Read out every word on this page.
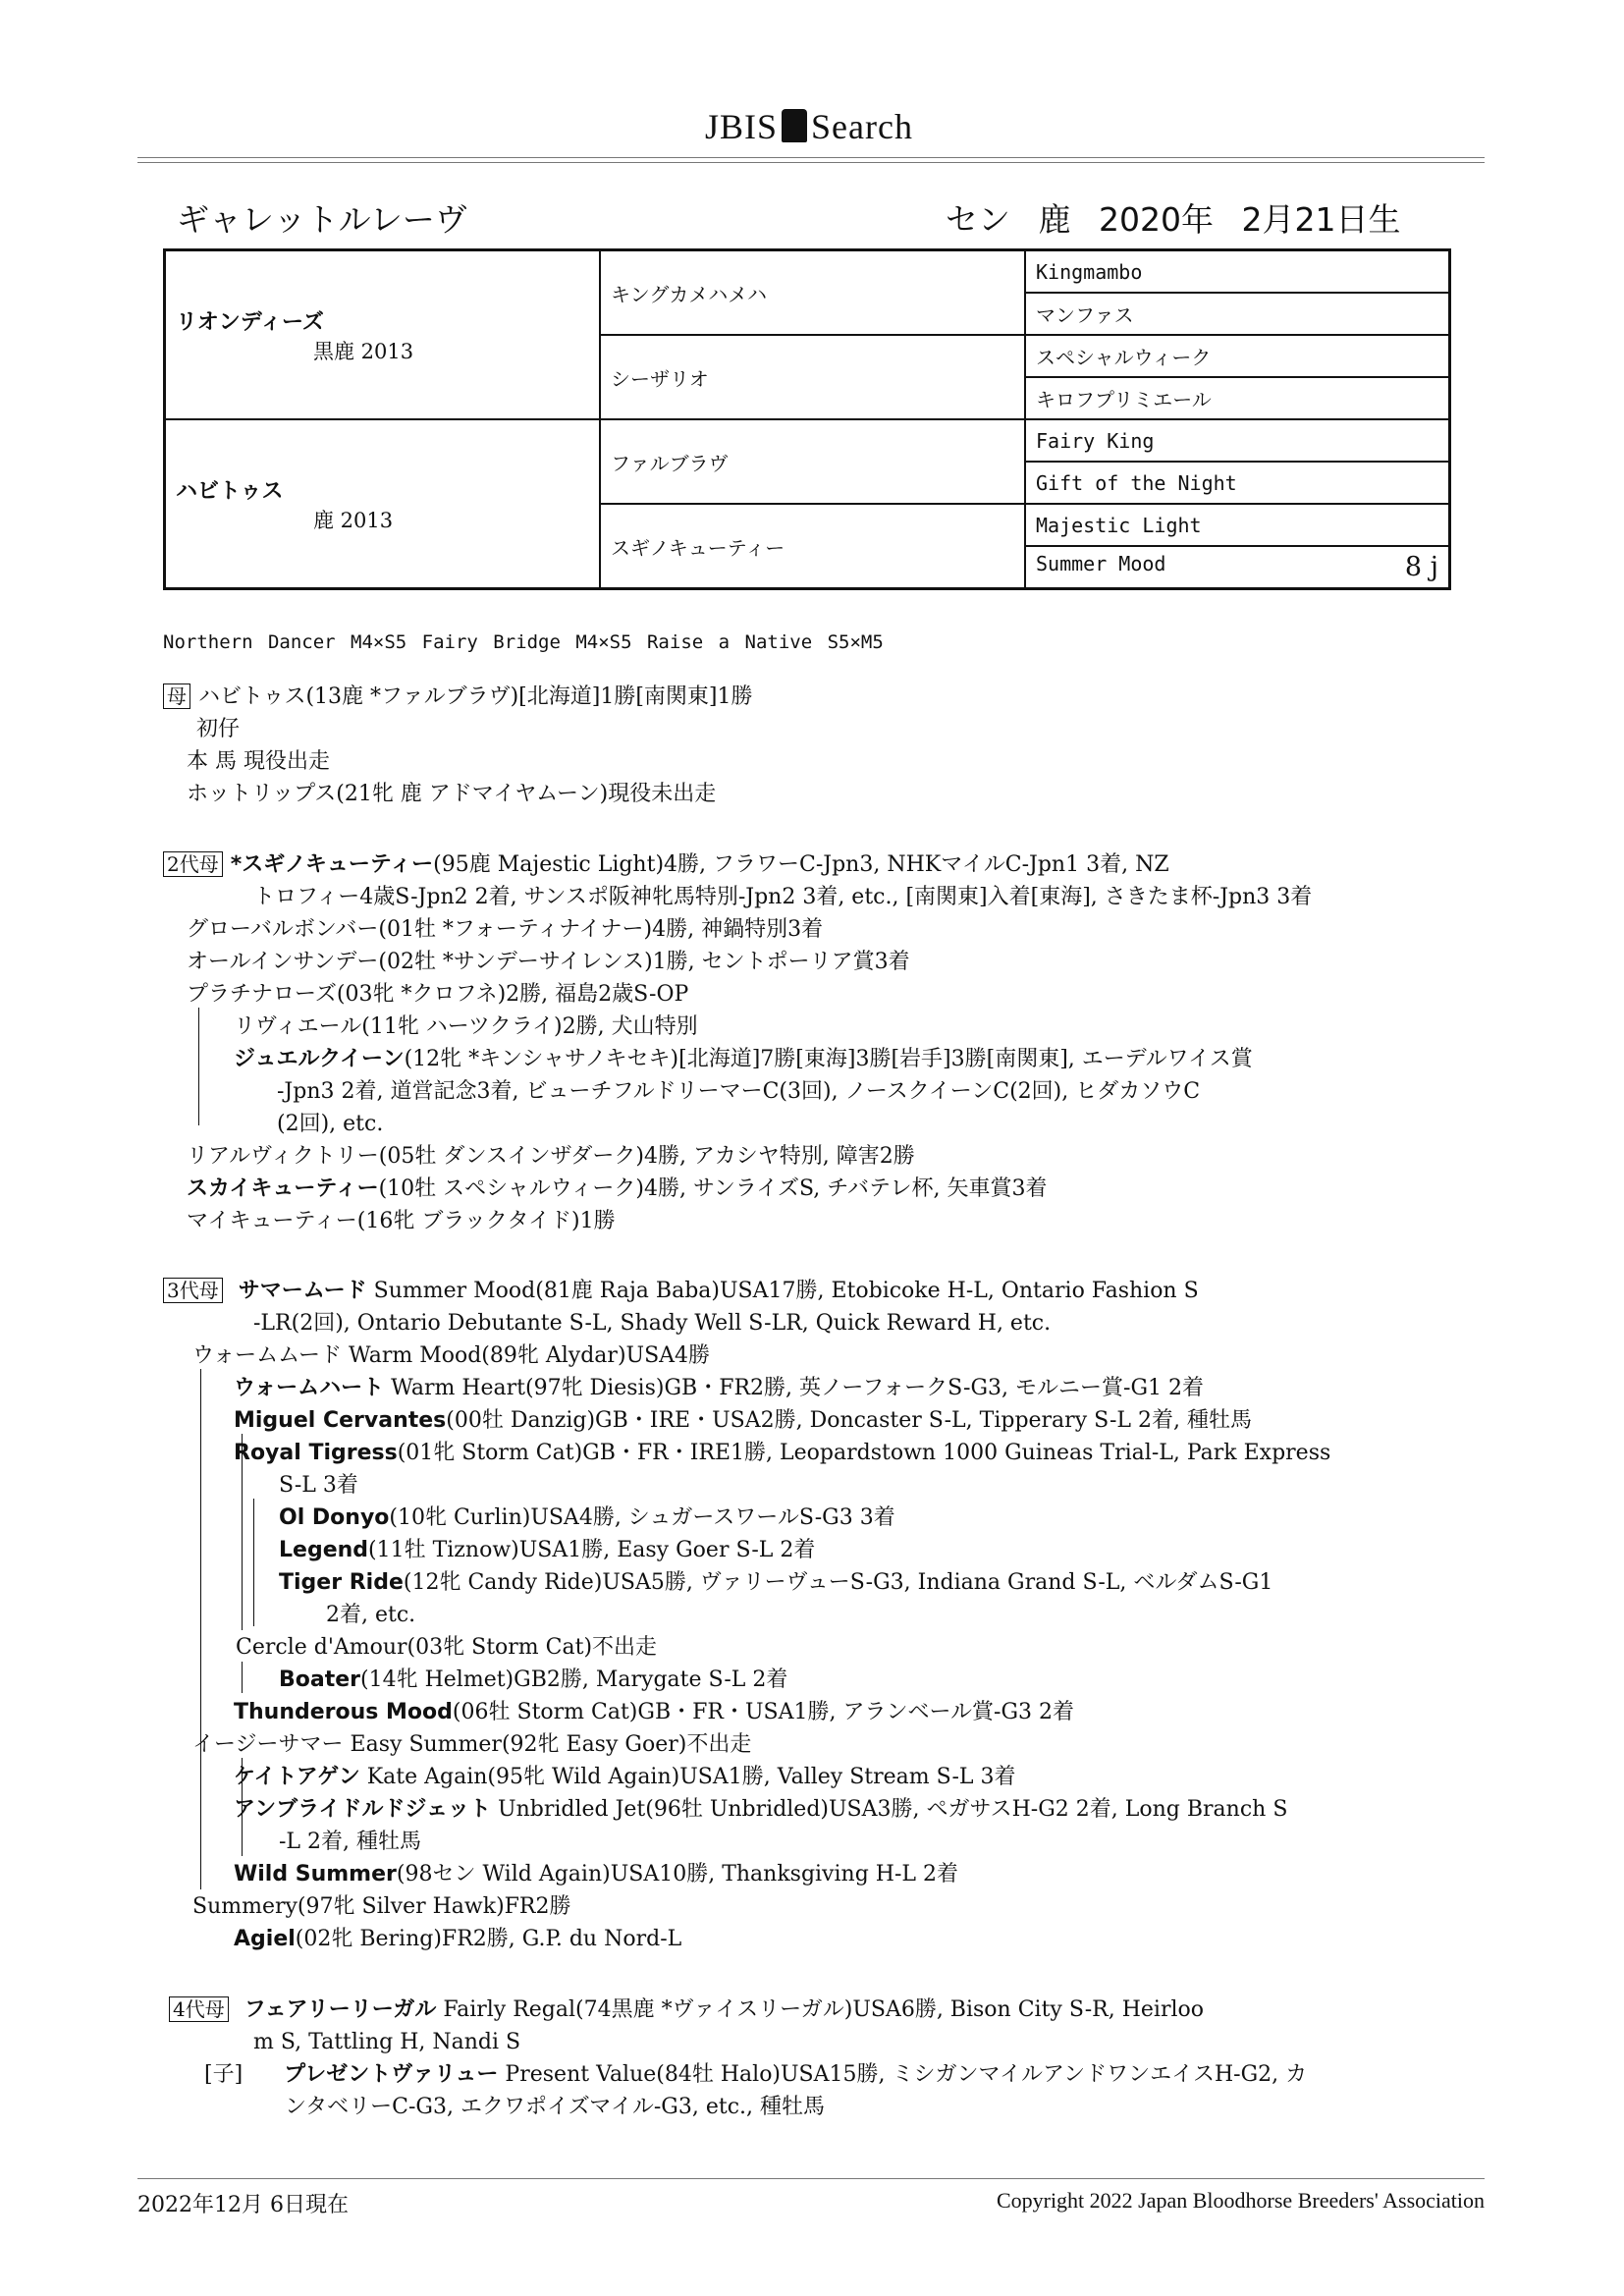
JBIS Search
ギャレットルレーヴ	セン 鹿 2020年 2月21日生
リオンディーズ
黒鹿 2013	キングカメハメハ	Kingmambo
		マンファス
	シーザリオ	スペシャルウィーク
		キロフプリミエール
ハビトゥス
鹿 2013	ファルブラヴ	Fairy King
		Gift of the Night
	スギノキューティー	Majestic Light
		Summer Mood 8 j
Northern Dancer M4×S5 Fairy Bridge M4×S5 Raise a Native S5×M5
母 ハビトゥス(13鹿 *ファルブラヴ)[北海道]1勝[南関東]1勝
初仔
本 馬 現役出走
ホットリップス(21牝 鹿 アドマイヤムーン)現役未出走
2代母 *スギノキューティー(95鹿 Majestic Light)4勝, フラワーC-Jpn3, NHKマイルC-Jpn1 3着, NZ
トロフィー4歳S-Jpn2 2着, サンスポ阪神牝馬特別-Jpn2 3着, etc., [南関東]入着[東海], さきたま杯-Jpn3 3着
グローバルボンバー(01牡 *フォーティナイナー)4勝, 神鍋特別3着
オールインサンデー(02牡 *サンデーサイレンス)1勝, セントポーリア賞3着
プラチナローズ(03牝 *クロフネ)2勝, 福島2歳S-OP
リヴィエール(11牝 ハーツクライ)2勝, 犬山特別
ジュエルクイーン(12牝 *キンシャサノキセキ)[北海道]7勝[東海]3勝[岩手]3勝[南関東], エーデルワイス賞
-Jpn3 2着, 道営記念3着, ビューチフルドリーマーC(3回), ノースクイーンC(2回), ヒダカソウC
(2回), etc.
リアルヴィクトリー(05牡 ダンスインザダーク)4勝, アカシヤ特別, 障害2勝
スカイキューティー(10牡 スペシャルウィーク)4勝, サンライズS, チバテレ杯, 矢車賞3着
マイキューティー(16牝 ブラックタイド)1勝
3代母 サマームード Summer Mood(81鹿 Raja Baba)USA17勝, Etobicoke H-L, Ontario Fashion S
-LR(2回), Ontario Debutante S-L, Shady Well S-LR, Quick Reward H, etc.
ウォームムード Warm Mood(89牝 Alydar)USA4勝
ウォームハート Warm Heart(97牝 Diesis)GB・FR2勝, 英ノーフォークS-G3, モルニー賞-G1 2着
Miguel Cervantes(00牡 Danzig)GB・IRE・USA2勝, Doncaster S-L, Tipperary S-L 2着, 種牡馬
Royal Tigress(01牝 Storm Cat)GB・FR・IRE1勝, Leopardstown 1000 Guineas Trial-L, Park Express
S-L 3着
Ol Donyo(10牝 Curlin)USA4勝, シュガースワールS-G3 3着
Legend(11牡 Tiznow)USA1勝, Easy Goer S-L 2着
Tiger Ride(12牝 Candy Ride)USA5勝, ヴァリーヴューS-G3, Indiana Grand S-L, ベルダムS-G1
2着, etc.
Cercle d'Amour(03牝 Storm Cat)不出走
Boater(14牝 Helmet)GB2勝, Marygate S-L 2着
Thunderous Mood(06牡 Storm Cat)GB・FR・USA1勝, アランベール賞-G3 2着
イージーサマー Easy Summer(92牝 Easy Goer)不出走
ケイトアゲン Kate Again(95牝 Wild Again)USA1勝, Valley Stream S-L 3着
アンブライドルドジェット Unbridled Jet(96牡 Unbridled)USA3勝, ペガサスH-G2 2着, Long Branch S
-L 2着, 種牡馬
Wild Summer(98セン Wild Again)USA10勝, Thanksgiving H-L 2着
Summery(97牝 Silver Hawk)FR2勝
Agiel(02牝 Bering)FR2勝, G.P. du Nord-L
4代母 フェアリーリーガル Fairly Regal(74黒鹿 *ヴァイスリーガル)USA6勝, Bison City S-R, Heirloo
m S, Tattling H, Nandi S
[子] プレゼントヴァリュー Present Value(84牡 Halo)USA15勝, ミシガンマイルアンドワンエイスH-G2, カ
ンタベリーC-G3, エクワポイズマイル-G3, etc., 種牡馬
2022年12月 6日現在	Copyright 2022 Japan Bloodhorse Breeders' Association
